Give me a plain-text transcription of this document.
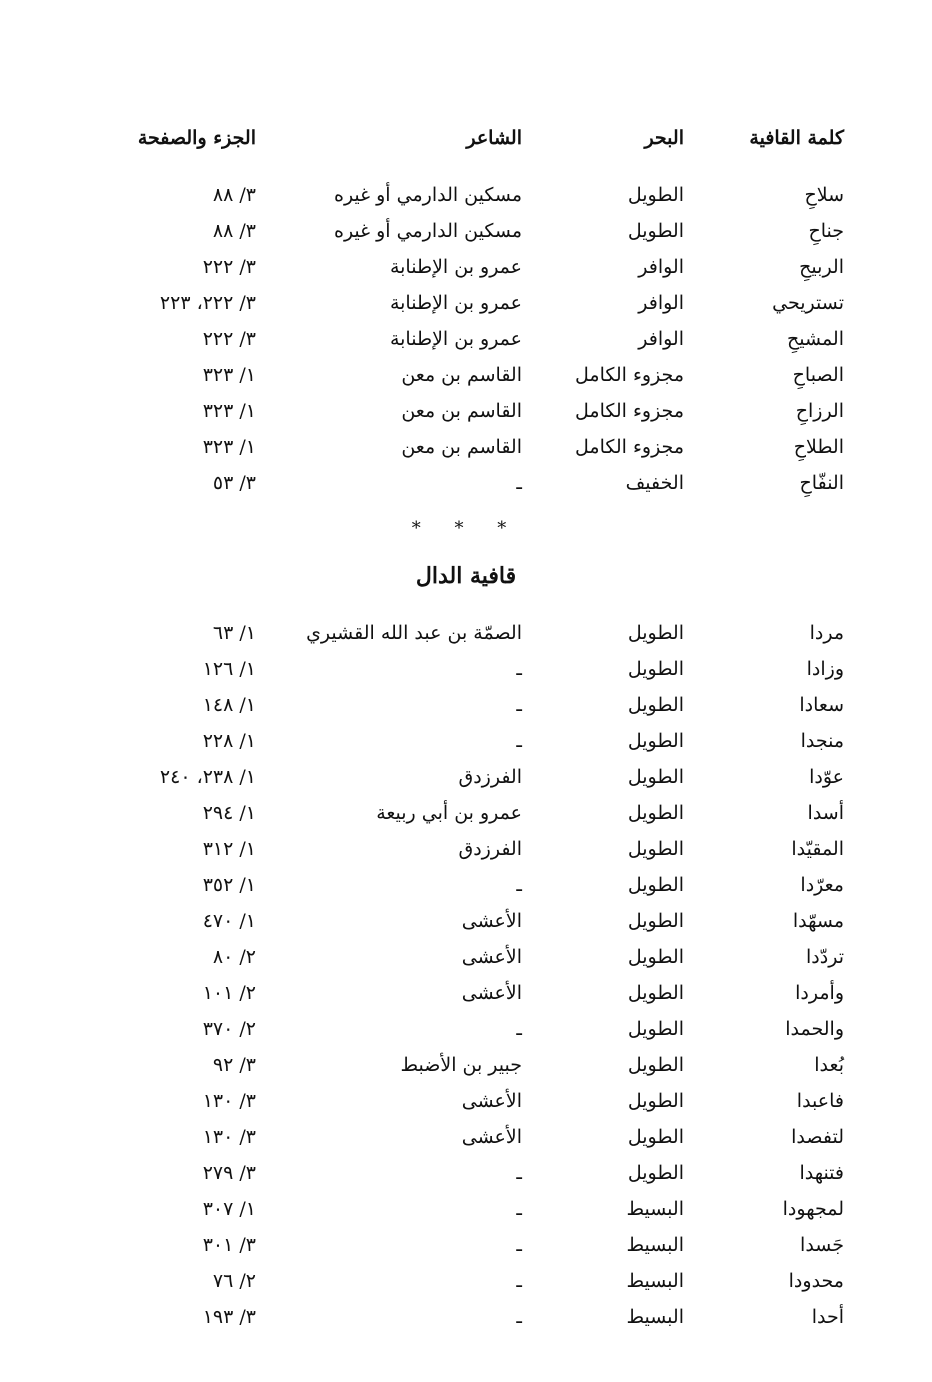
كلمة القافية
البحر
الشاعر
الجزء والصفحة
سلاحِ
الطويل
مسكين الدارمي أو غيره
٣/ ٨٨
جناحِ
الطويل
مسكين الدارمي أو غيره
٣/ ٨٨
الربيحِ
الوافر
عمرو بن الإطنابة
٣/ ٢٢٢
تستريحي
الوافر
عمرو بن الإطنابة
٣/ ٢٢٢، ٢٢٣
المشيحِ
الوافر
عمرو بن الإطنابة
٣/ ٢٢٢
الصباحِ
مجزوء الكامل
القاسم بن معن
١/ ٣٢٣
الرزاحِ
مجزوء الكامل
القاسم بن معن
١/ ٣٢٣
الطلاحِ
مجزوء الكامل
القاسم بن معن
١/ ٣٢٣
النفّاحِ
الخفيف
ـ
٣/ ٥٣
* * *
قافية الدال
مردا
الطويل
الصمّة بن عبد الله القشيري
١/ ٦٣
وزادا
الطويل
ـ
١/ ١٢٦
سعادا
الطويل
ـ
١/ ١٤٨
منجدا
الطويل
ـ
١/ ٢٢٨
عوّدا
الطويل
الفرزدق
١/ ٢٣٨، ٢٤٠
أسدا
الطويل
عمرو بن أبي ربيعة
١/ ٢٩٤
المقيّدا
الطويل
الفرزدق
١/ ٣١٢
معرّدا
الطويل
ـ
١/ ٣٥٢
مسهّدا
الطويل
الأعشى
١/ ٤٧٠
تردّدا
الطويل
الأعشى
٢/ ٨٠
وأمردا
الطويل
الأعشى
٢/ ١٠١
والحمدا
الطويل
ـ
٢/ ٣٧٠
بُعدا
الطويل
جبير بن الأضبط
٣/ ٩٢
فاعبدا
الطويل
الأعشى
٣/ ١٣٠
لتفصدا
الطويل
الأعشى
٣/ ١٣٠
فتنهدا
الطويل
ـ
٣/ ٢٧٩
لمجهودا
البسيط
ـ
١/ ٣٠٧
جَسدا
البسيط
ـ
٣/ ٣٠١
محدودا
البسيط
ـ
٢/ ٧٦
أحدا
البسيط
ـ
٣/ ١٩٣
